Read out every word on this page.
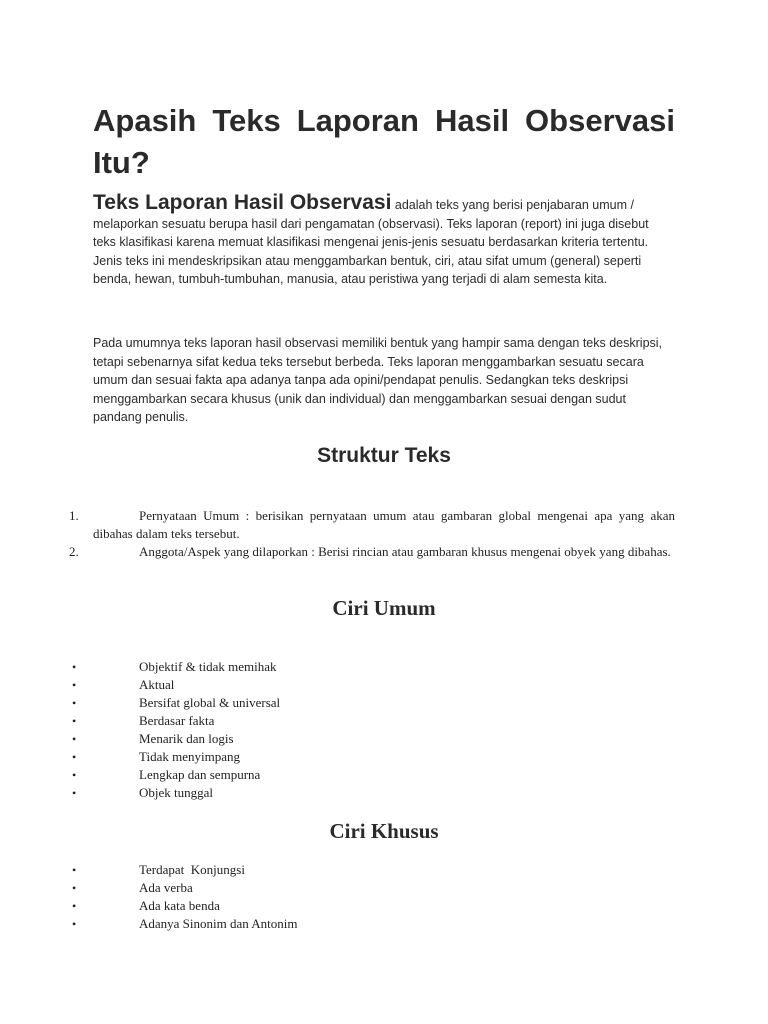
Apasih Teks Laporan Hasil Observasi Itu?

Teks Laporan Hasil Observasi adalah teks yang berisi penjabaran umum / melaporkan sesuatu berupa hasil dari pengamatan (observasi). Teks laporan (report) ini juga disebut teks klasifikasi karena memuat klasifikasi mengenai jenis-jenis sesuatu berdasarkan kriteria tertentu. Jenis teks ini mendeskripsikan atau menggambarkan bentuk, ciri, atau sifat umum (general) seperti benda, hewan, tumbuh-tumbuhan, manusia, atau peristiwa yang terjadi di alam semesta kita.

Pada umumnya teks laporan hasil observasi memiliki bentuk yang hampir sama dengan teks deskripsi, tetapi sebenarnya sifat kedua teks tersebut berbeda. Teks laporan menggambarkan sesuatu secara umum dan sesuai fakta apa adanya tanpa ada opini/pendapat penulis. Sedangkan teks deskripsi menggambarkan secara khusus (unik dan individual) dan menggambarkan sesuai dengan sudut pandang penulis.

Struktur Teks
1.	Pernyataan Umum : berisikan pernyataan umum atau gambaran global mengenai apa yang akan dibahas dalam teks tersebut.
2.	Anggota/Aspek yang dilaporkan : Berisi rincian atau gambaran khusus mengenai obyek yang dibahas.
Ciri Umum
•	Objektif & tidak memihak
•	Aktual
•	Bersifat global & universal
•	Berdasar fakta
•	Menarik dan logis
•	Tidak menyimpang
•	Lengkap dan sempurna
•	Objek tunggal
Ciri Khusus
•	Terdapat  Konjungsi
•	Ada verba
•	Ada kata benda
•	Adanya Sinonim dan Antonim
